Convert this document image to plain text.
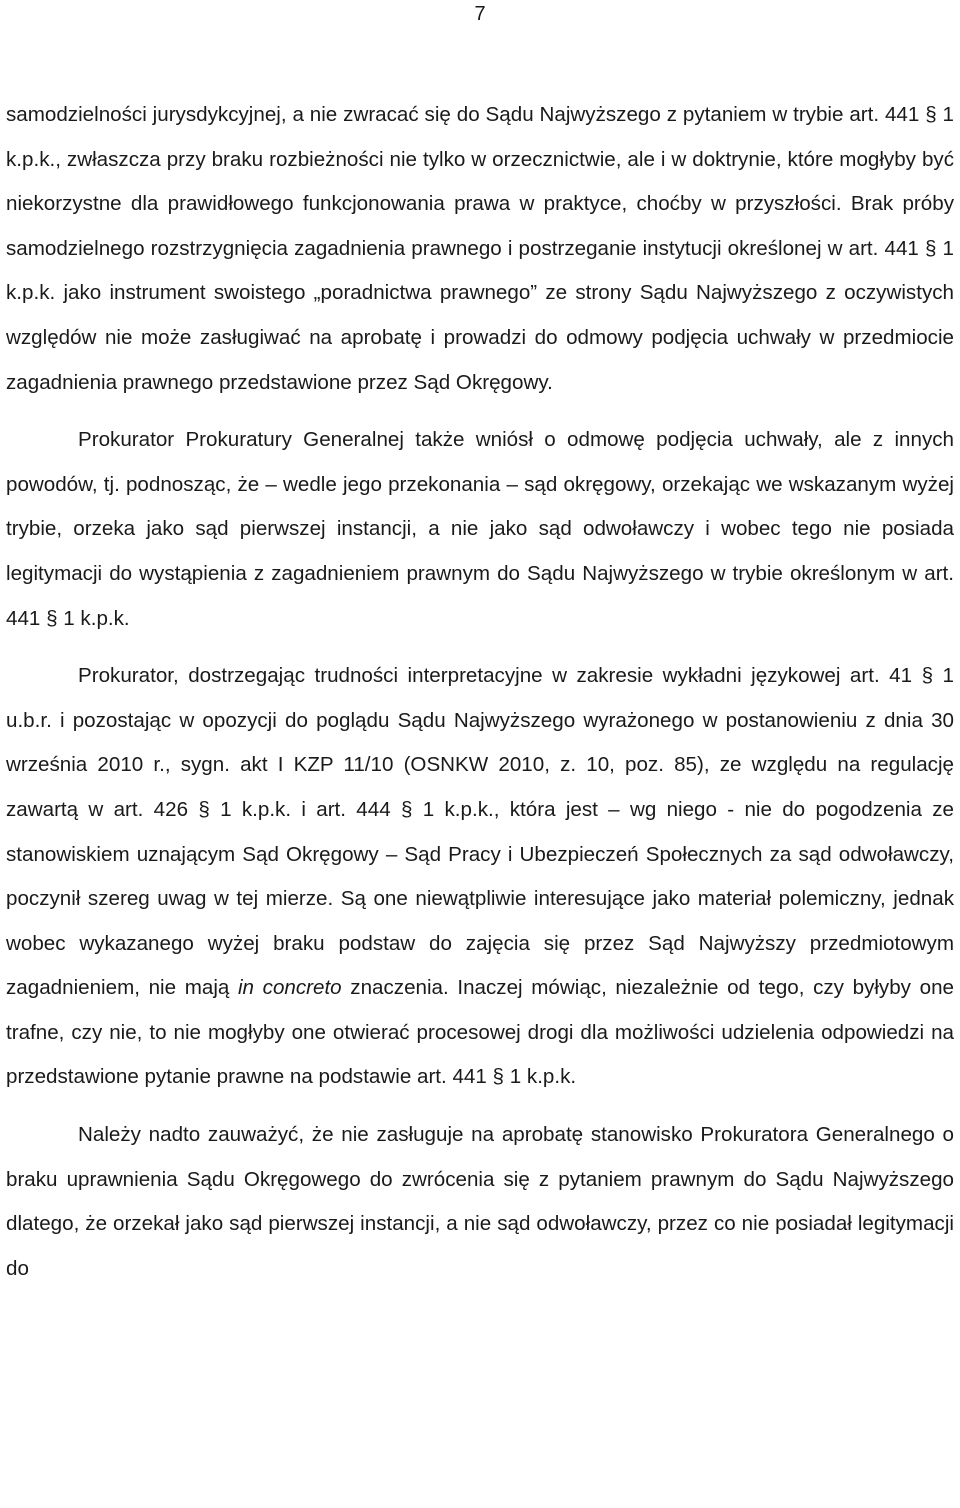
7

samodzielności jurysdykcyjnej, a nie zwracać się do Sądu Najwyższego z pytaniem w trybie art. 441 § 1 k.p.k., zwłaszcza przy braku rozbieżności nie tylko w orzecznictwie, ale i w doktrynie, które mogłyby być niekorzystne dla prawidłowego funkcjonowania prawa w praktyce, choćby w przyszłości. Brak próby samodzielnego rozstrzygnięcia zagadnienia prawnego i postrzeganie instytucji określonej w art. 441 § 1 k.p.k. jako instrument swoistego „poradnictwa prawnego” ze strony Sądu Najwyższego z oczywistych względów nie może zasługiwać na aprobatę i prowadzi do odmowy podjęcia uchwały w przedmiocie zagadnienia prawnego przedstawione przez Sąd Okręgowy.

Prokurator Prokuratury Generalnej także wniósł o odmowę podjęcia uchwały, ale z innych powodów, tj. podnosząc, że – wedle jego przekonania – sąd okręgowy, orzekając we wskazanym wyżej trybie, orzeka jako sąd pierwszej instancji, a nie jako sąd odwoławczy i wobec tego nie posiada legitymacji do wystąpienia z zagadnieniem prawnym do Sądu Najwyższego w trybie określonym w art. 441 § 1 k.p.k.

Prokurator, dostrzegając trudności interpretacyjne w zakresie wykładni językowej art. 41 § 1 u.b.r. i pozostając w opozycji do poglądu Sądu Najwyższego wyrażonego w postanowieniu z dnia 30 września 2010 r., sygn. akt I KZP 11/10 (OSNKW 2010, z. 10, poz. 85), ze względu na regulację zawartą w art. 426 § 1 k.p.k. i art. 444 § 1 k.p.k., która jest – wg niego - nie do pogodzenia ze stanowiskiem uznającym Sąd Okręgowy – Sąd Pracy i Ubezpieczeń Społecznych za sąd odwoławczy, poczynił szereg uwag w tej mierze. Są one niewątpliwie interesujące jako materiał polemiczny, jednak wobec wykazanego wyżej braku podstaw do zajęcia się przez Sąd Najwyższy przedmiotowym zagadnieniem, nie mają in concreto znaczenia. Inaczej mówiąc, niezależnie od tego, czy byłyby one trafne, czy nie, to nie mogłyby one otwierać procesowej drogi dla możliwości udzielenia odpowiedzi na przedstawione pytanie prawne na podstawie art. 441 § 1 k.p.k.

Należy nadto zauważyć, że nie zasługuje na aprobatę stanowisko Prokuratora Generalnego o braku uprawnienia Sądu Okręgowego do zwrócenia się z pytaniem prawnym do Sądu Najwyższego dlatego, że orzekał jako sąd pierwszej instancji, a nie sąd odwoławczy, przez co nie posiadał legitymacji do
